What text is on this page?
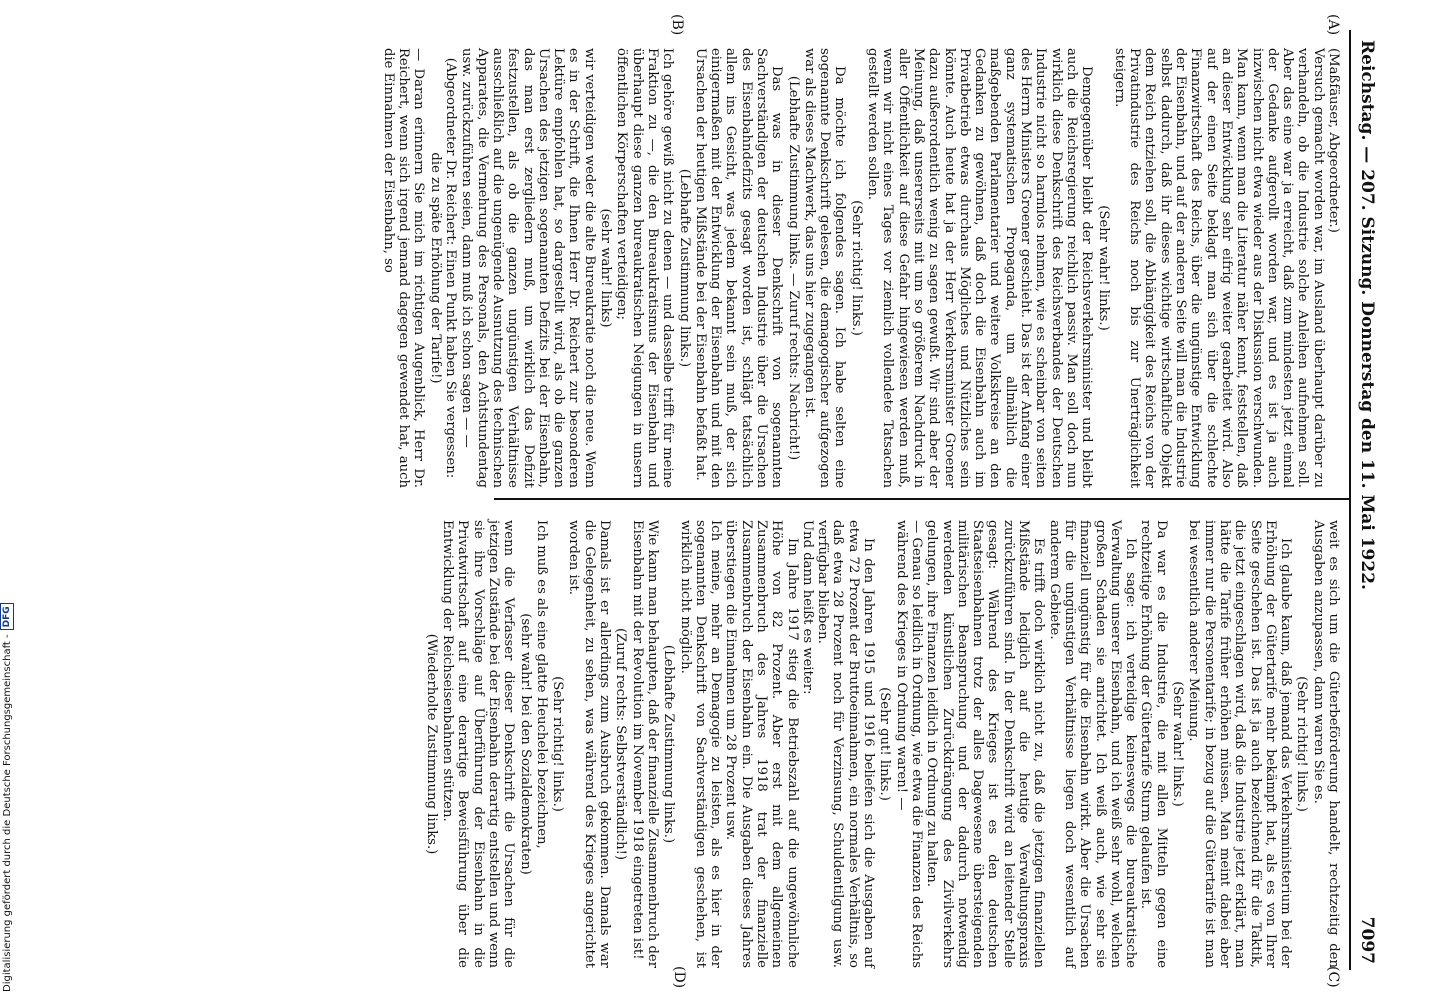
Reichstag. — 207. Sitzung. Donnerstag den 11. Mai 1922.
7097
(A)
(B)
(C)
(D)

(Maßfäuser, Abgeordneter.)

Versuch gemacht worden war, im Ausland überhaupt darüber zu verhandeln, ob die Industrie solche Anleihen aufnehmen soll. Aber das eine war ja erreicht, daß zum mindesten jetzt einmal der Gedanke aufgerollt worden war, und es ist ja auch inzwischen nicht etwa wieder aus der Diskussion verschwunden. Man kann, wenn man die Literatur näher kennt, feststellen, daß an dieser Entwicklung sehr eifrig weiter gearbeitet wird. Also auf der einen Seite beklagt man sich über die schlechte Finanzwirtschaft des Reichs, über die ungünstige Entwicklung der Eisenbahn, und auf der anderen Seite will man die Industrie selbst dadurch, daß ihr dieses wichtige wirtschaftliche Objekt dem Reich entziehen soll, die Abhängigkeit des Reichs von der Privatindustrie des Reichs noch bis zur Unerträglichkeit steigern.

(Sehr wahr! links.)

Demgegenüber bleibt der Reichsverkehrsminister und bleibt auch die Reichsregierung reichlich passiv. Man soll doch nun wirklich diese Denkschrift des Reichsverbandes der Deutschen Industrie nicht so harmlos nehmen, wie es scheinbar von seiten des Herrn Ministers Groener geschieht. Das ist der Anfang einer ganz systematischen Propaganda, um allmählich die maßgebenden Parlamentarier und weitere Volkskreise an den Gedanken zu gewöhnen, daß doch die Eisenbahn auch im Privatbetrieb etwas durchaus Mögliches und Nützliches sein könnte. Auch heute hat ja der Herr Verkehrsminister Groener dazu außerordentlich wenig zu sagen gewußt. Wir sind aber der Meinung, daß unsererseits mit um so größerem Nachdruck in aller Öffentlichkeit auf diese Gefahr hingewiesen werden muß, wenn wir nicht eines Tages vor ziemlich vollendete Tatsachen gestellt werden sollen.

(Sehr richtig! links.)

Da möchte ich folgendes sagen. Ich habe selten eine sogenannte Denkschrift gelesen, die demagogischer aufgezogen war als dieses Machwerk, das uns hier zugegangen ist.

(Lebhafte Zustimmung links. — Zuruf rechts: Nachricht!)

Das was in dieser Denkschrift von sogenannten Sachverständigen der deutschen Industrie über die Ursachen des Eisenbahndefizits gesagt worden ist, schlägt tatsächlich allem ins Gesicht, was jedem bekannt sein muß, der sich einigermaßen mit der Entwicklung der Eisenbahn und mit den Ursachen der heutigen Mißstände bei der Eisenbahn befaßt hat.

(Lebhafte Zustimmung links.)

Ich gehöre gewiß nicht zu denen — und dasselbe trifft für meine Fraktion zu —, die den Bureaukratismus der Eisenbahn und überhaupt diese ganzen bureaukratischen Neigungen in unsern öffentlichen Körperschaften verteidigen;

(sehr wahr! links)

wir verteidigen weder die alte Bureaukratie noch die neue. Wenn es in der Schrift, die Ihnen Herr Dr. Reichert zur besonderen Lektüre empfohlen hat, so dargestellt wird, als ob die ganzen Ursachen des jetzigen sogenannten Defizits bei der Eisenbahn, das man erst zergliedern muß, um wirklich das Defizit festzustellen, als ob die ganzen ungünstigen Verhältnisse ausschließlich auf die ungenügende Ausnutzung des technischen Apparates, die Vermehrung des Personals, den Achtstundentag usw. zurückzuführen seien, dann muß ich schon sagen — —

(Abgeordneter Dr. Reichert: Einen Punkt haben Sie vergessen: die zu späte Erhöhung der Tarife!)

— Daran erinnern Sie mich im richtigen Augenblick, Herr Dr. Reichert, wenn sich irgend jemand dagegen gewendet hat, auch die Einnahmen der Eisenbahn, so

weit es sich um die Güterbeförderung handelt, rechtzeitig den Ausgaben anzupassen, dann waren Sie es.

(Sehr richtig! links.)

Ich glaube kaum, daß jemand das Verkehrsministerium bei der Erhöhung der Gütertarife mehr bekämpft hat, als es von Ihrer Seite geschehen ist. Das ist ja auch bezeichnend für die Taktik, die jetzt eingeschlagen wird, daß die Industrie jetzt erklärt, man hätte die Tarife früher erhöhen müssen. Man meint dabei aber immer nur die Personentarife; in bezug auf die Gütertarife ist man bei wesentlich anderer Meinung.

(Sehr wahr! links.)

Da war es die Industrie, die mit allen Mitteln gegen eine rechtzeitige Erhöhung der Gütertarife Sturm gelaufen ist.

Ich sage: ich verteidige keineswegs die bureaukratische Verwaltung unserer Eisenbahn, und ich weiß sehr wohl, welchen großen Schaden sie anrichtet. Ich weiß auch, wie sehr sie finanziell ungünstig für die Eisenbahn wirkt. Aber die Ursachen für die ungünstigen Verhältnisse liegen doch wesentlich auf anderem Gebiete.

Es trifft doch wirklich nicht zu, daß die jetzigen finanziellen Mißstände lediglich auf die heutige Verwaltungspraxis zurückzuführen sind. In der Denkschrift wird an leitender Stelle gesagt: Während des Krieges ist es den deutschen Staatseisenbahnen trotz der alles Dagewesene übersteigenden militärischen Beanspruchung und der dadurch notwendig werdenden künstlichen Zurückdrängung des Zivilverkehrs gelungen, ihre Finanzen leidlich in Ordnung zu halten.

— Genau so leidlich in Ordnung, wie etwa die Finanzen des Reichs während des Krieges in Ordnung waren! —

(Sehr gut! links.)

In den Jahren 1915 und 1916 beliefen sich die Ausgaben auf etwa 72 Prozent der Bruttoeinnahmen, ein normales Verhältnis, so daß etwa 28 Prozent noch für Verzinsung, Schuldentilgung usw. verfügbar blieben.

Und dann heißt es weiter:

Im Jahre 1917 stieg die Betriebszahl auf die ungewöhnliche Höhe von 82 Prozent. Aber erst mit dem allgemeinen Zusammenbruch des Jahres 1918 trat der finanzielle Zusammenbruch der Eisenbahn ein. Die Ausgaben dieses Jahres überstiegen die Einnahmen um 28 Prozent usw.

Ich meine, mehr an Demagogie zu leisten, als es hier in der sogenannten Denkschrift von Sachverständigen geschehen, ist wirklich nicht möglich.

(Lebhafte Zustimmung links.)

Wie kann man behaupten, daß der finanzielle Zusammenbruch der Eisenbahn mit der Revolution im November 1918 eingetreten ist!

(Zuruf rechts: Selbstverständlich!)

Damals ist er allerdings zum Ausbruch gekommen. Damals war die Gelegenheit, zu sehen, was während des Krieges angerichtet worden ist.

(Sehr richtig! links.)

Ich muß es als eine glatte Heuchelei bezeichnen,

(sehr wahr! bei den Sozialdemokraten)

wenn die Verfasser dieser Denkschrift die Ursachen für die jetzigen Zustände bei der Eisenbahn derartig entstellen und wenn sie ihre Vorschläge auf Überführung der Eisenbahn in die Privatwirtschaft auf eine derartige Beweisführung über die Entwicklung der Reichseisenbahnen stützen.

(Wiederholte Zustimmung links.)

Digitalisierung gefördert durch die Deutsche Forschungsgemeinschaft -DFG
